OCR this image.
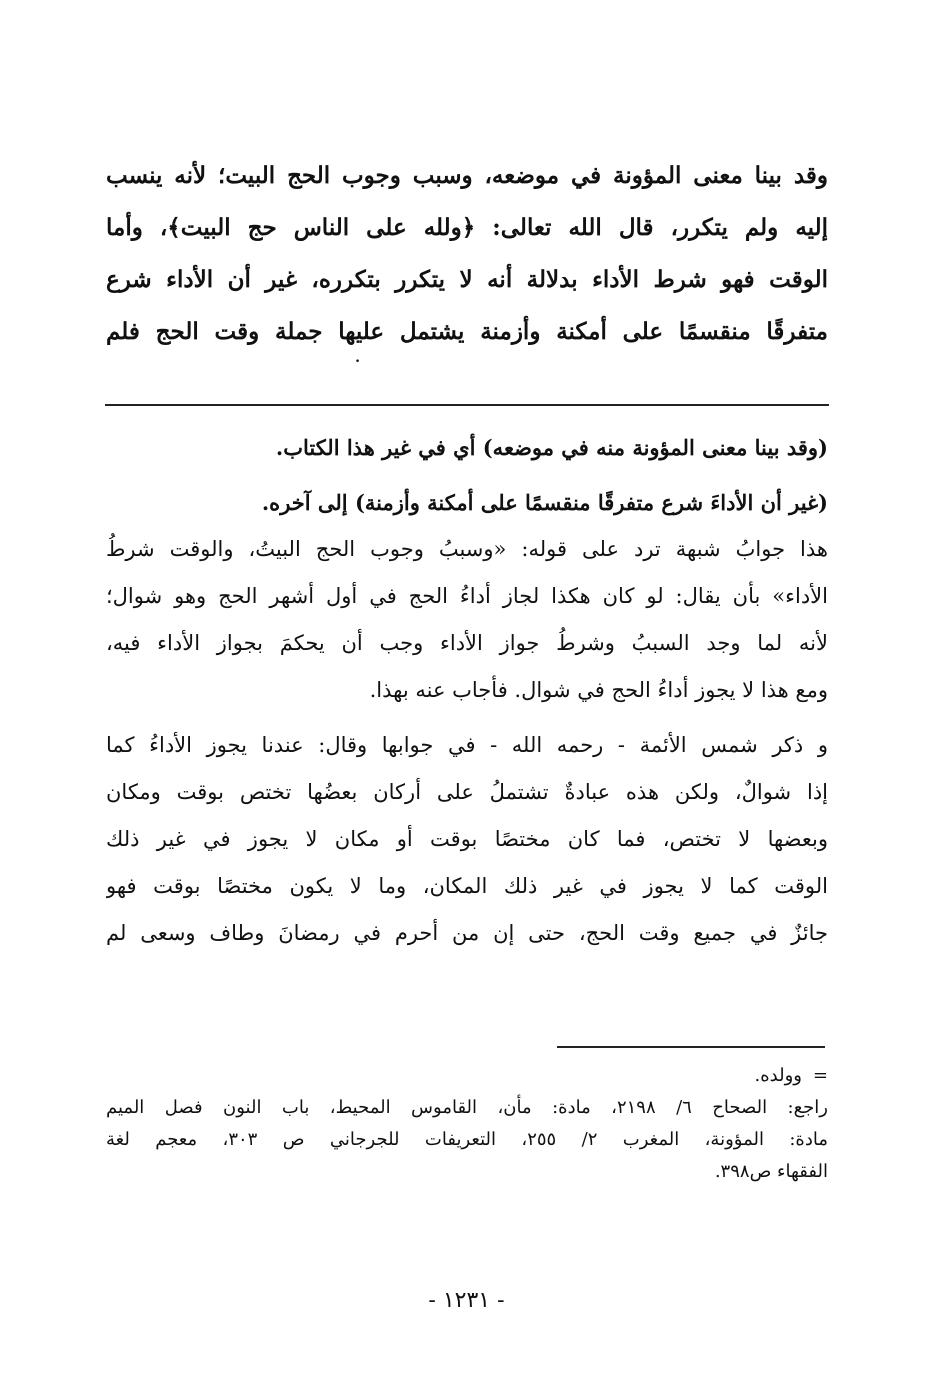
وقد بينا معنى المؤونة في موضعه، وسبب وجوب الحج البيت؛ لأنه ينسب
إليه ولم يتكرر، قال الله تعالى: ﴿ولله على الناس حج البيت﴾، وأما
الوقت فهو شرط الأداء بدلالة أنه لا يتكرر بتكرره، غير أن الأداء شرع
متفرقًا منقسمًا على أمكنة وأزمنة يشتمل عليها جملة وقت الحج فلم
.
(وقد بينا معنى المؤونة منه في موضعه) أي في غير هذا الكتاب.
(غير أن الأداءَ شرع متفرقًا منقسمًا على أمكنة وأزمنة) إلى آخره.
هذا جوابُ شبهة ترد على قوله: «وسببُ وجوب الحج البيتُ، والوقت شرطُ
الأداء» بأن يقال: لو كان هكذا لجاز أداءُ الحج في أول أشهر الحج وهو شوال؛
لأنه لما وجد السببُ وشرطُ جواز الأداء وجب أن يحكمَ بجواز الأداء فيه،
ومع هذا لا يجوز أداءُ الحج في شوال. فأجاب عنه بهذا.
و ذكر شمس الأئمة - رحمه الله - في جوابها وقال: عندنا يجوز الأداءُ كما
إذا شوالٌ، ولكن هذه عبادةٌ تشتملُ على أركان بعضُها تختص بوقت ومكان
وبعضها لا تختص، فما كان مختصًا بوقت أو مكان لا يجوز في غير ذلك
الوقت كما لا يجوز في غير ذلك المكان، وما لا يكون مختصًا بوقت فهو
جائزٌ في جميع وقت الحج، حتى إن من أحرم في رمضانَ وطاف وسعى لم
=وولده.
راجع: الصحاح ٦/ ٢١٩٨، مادة: مأن، القاموس المحيط، باب النون فصل الميم
مادة: المؤونة، المغرب ٢/ ٢٥٥، التعريفات للجرجاني ص ٣٠٣، معجم لغة
الفقهاء ص٣٩٨.
- ١٢٣١ -
